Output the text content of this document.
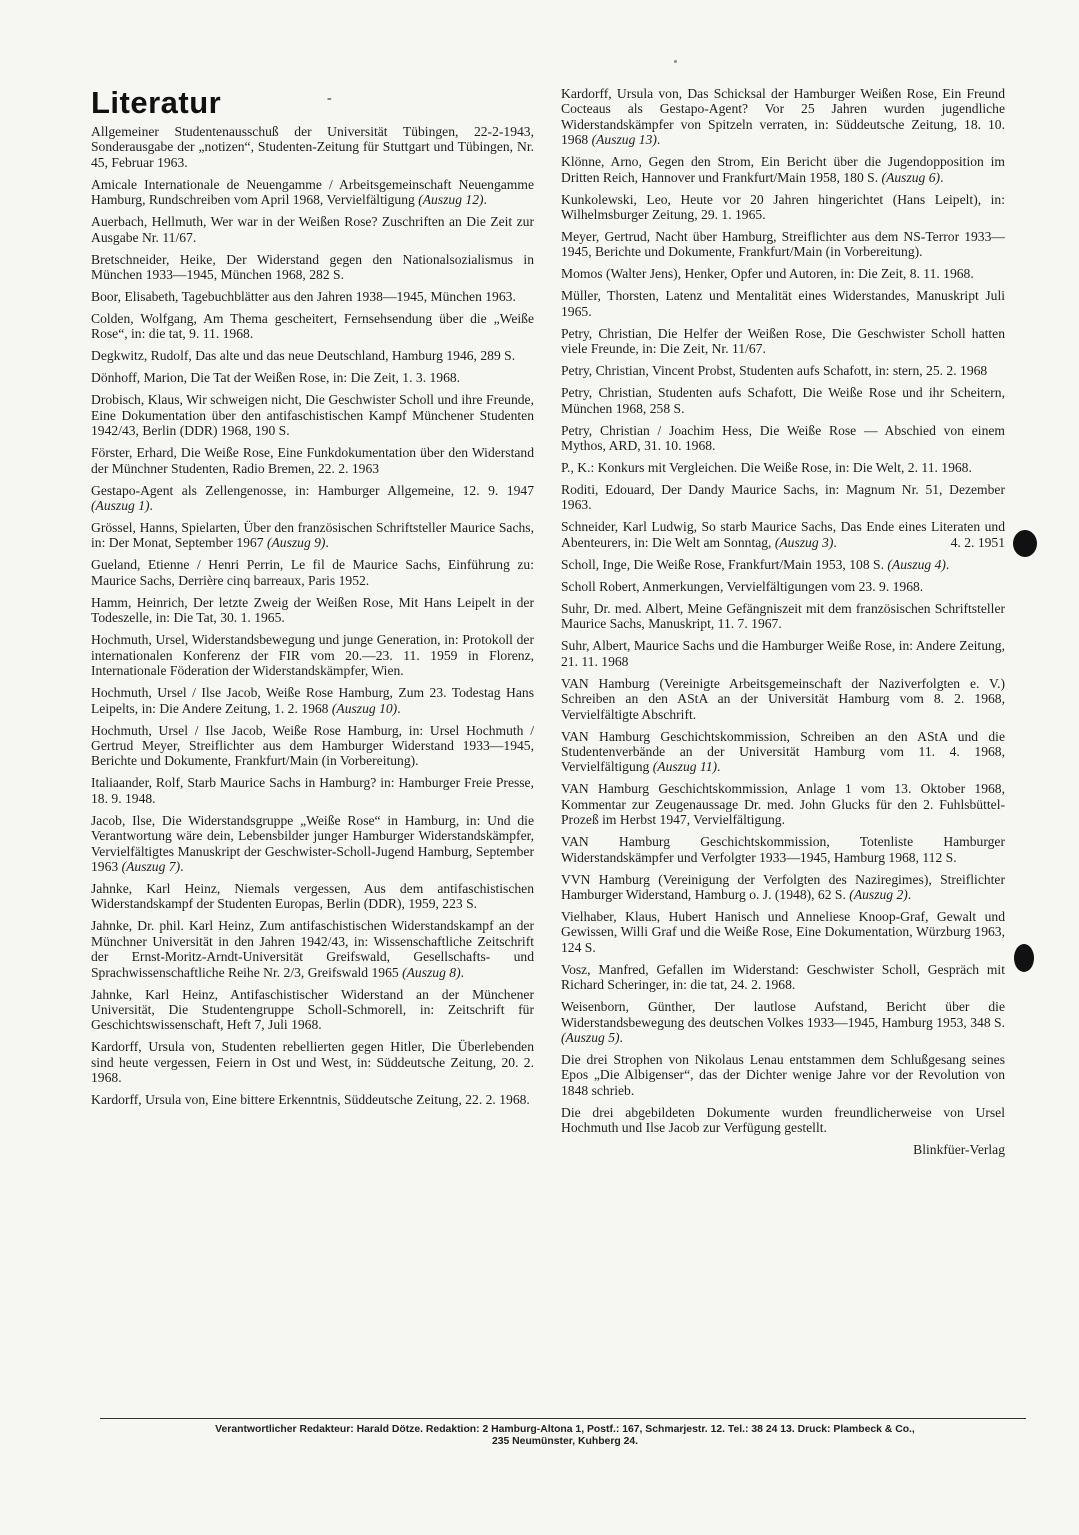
-
Literatur

Allgemeiner Studentenausschuß der Universität Tübingen, 22-2-1943, Sonderausgabe der „notizen“, Studenten-Zeitung für Stuttgart und Tübingen, Nr. 45, Februar 1963.

Amicale Internationale de Neuengamme / Arbeitsgemeinschaft Neuengamme Hamburg, Rundschreiben vom April 1968, Vervielfältigung (Auszug 12).

Auerbach, Hellmuth, Wer war in der Weißen Rose? Zuschriften an Die Zeit zur Ausgabe Nr. 11/67.

Bretschneider, Heike, Der Widerstand gegen den Nationalsozialismus in München 1933—1945, München 1968, 282 S.

Boor, Elisabeth, Tagebuchblätter aus den Jahren 1938—1945, München 1963.

Colden, Wolfgang, Am Thema gescheitert, Fernsehsendung über die „Weiße Rose“, in: die tat, 9. 11. 1968.

Degkwitz, Rudolf, Das alte und das neue Deutschland, Hamburg 1946, 289 S.

Dönhoff, Marion, Die Tat der Weißen Rose, in: Die Zeit, 1. 3. 1968.

Drobisch, Klaus, Wir schweigen nicht, Die Geschwister Scholl und ihre Freunde, Eine Dokumentation über den antifaschistischen Kampf Münchener Studenten 1942/43, Berlin (DDR) 1968, 190 S.

Förster, Erhard, Die Weiße Rose, Eine Funkdokumentation über den Widerstand der Münchner Studenten, Radio Bremen, 22. 2. 1963

Gestapo-Agent als Zellengenosse, in: Hamburger Allgemeine, 12. 9. 1947 (Auszug 1).

Grössel, Hanns, Spielarten, Über den französischen Schriftsteller Maurice Sachs, in: Der Monat, September 1967 (Auszug 9).

Gueland, Etienne / Henri Perrin, Le fil de Maurice Sachs, Einführung zu: Maurice Sachs, Derrière cinq barreaux, Paris 1952.

Hamm, Heinrich, Der letzte Zweig der Weißen Rose, Mit Hans Leipelt in der Todeszelle, in: Die Tat, 30. 1. 1965.

Hochmuth, Ursel, Widerstandsbewegung und junge Generation, in: Protokoll der internationalen Konferenz der FIR vom 20.—23. 11. 1959 in Florenz, Internationale Föderation der Widerstandskämpfer, Wien.

Hochmuth, Ursel / Ilse Jacob, Weiße Rose Hamburg, Zum 23. Todestag Hans Leipelts, in: Die Andere Zeitung, 1. 2. 1968 (Auszug 10).

Hochmuth, Ursel / Ilse Jacob, Weiße Rose Hamburg, in: Ursel Hochmuth / Gertrud Meyer, Streiflichter aus dem Hamburger Widerstand 1933—1945, Berichte und Dokumente, Frankfurt/Main (in Vorbereitung).

Italiaander, Rolf, Starb Maurice Sachs in Hamburg? in: Hamburger Freie Presse, 18. 9. 1948.

Jacob, Ilse, Die Widerstandsgruppe „Weiße Rose“ in Hamburg, in: Und die Verantwortung wäre dein, Lebensbilder junger Hamburger Widerstandskämpfer, Vervielfältigtes Manuskript der Geschwister-Scholl-Jugend Hamburg, September 1963 (Auszug 7).

Jahnke, Karl Heinz, Niemals vergessen, Aus dem antifaschistischen Widerstandskampf der Studenten Europas, Berlin (DDR), 1959, 223 S.

Jahnke, Dr. phil. Karl Heinz, Zum antifaschistischen Widerstandskampf an der Münchner Universität in den Jahren 1942/43, in: Wissenschaftliche Zeitschrift der Ernst-Moritz-Arndt-Universität Greifswald, Gesellschafts- und Sprachwissenschaftliche Reihe Nr. 2/3, Greifswald 1965 (Auszug 8).

Jahnke, Karl Heinz, Antifaschistischer Widerstand an der Münchener Universität, Die Studentengruppe Scholl-Schmorell, in: Zeitschrift für Geschichtswissenschaft, Heft 7, Juli 1968.

Kardorff, Ursula von, Studenten rebellierten gegen Hitler, Die Überlebenden sind heute vergessen, Feiern in Ost und West, in: Süddeutsche Zeitung, 20. 2. 1968.

Kardorff, Ursula von, Eine bittere Erkenntnis, Süddeutsche Zeitung, 22. 2. 1968.

Kardorff, Ursula von, Das Schicksal der Hamburger Weißen Rose, Ein Freund Cocteaus als Gestapo-Agent? Vor 25 Jahren wurden jugendliche Widerstandskämpfer von Spitzeln verraten, in: Süddeutsche Zeitung, 18. 10. 1968 (Auszug 13).

Klönne, Arno, Gegen den Strom, Ein Bericht über die Jugendopposition im Dritten Reich, Hannover und Frankfurt/Main 1958, 180 S. (Auszug 6).

Kunkolewski, Leo, Heute vor 20 Jahren hingerichtet (Hans Leipelt), in: Wilhelmsburger Zeitung, 29. 1. 1965.

Meyer, Gertrud, Nacht über Hamburg, Streiflichter aus dem NS-Terror 1933—1945, Berichte und Dokumente, Frankfurt/Main (in Vorbereitung).

Momos (Walter Jens), Henker, Opfer und Autoren, in: Die Zeit, 8. 11. 1968.

Müller, Thorsten, Latenz und Mentalität eines Widerstandes, Manuskript Juli 1965.

Petry, Christian, Die Helfer der Weißen Rose, Die Geschwister Scholl hatten viele Freunde, in: Die Zeit, Nr. 11/67.

Petry, Christian, Vincent Probst, Studenten aufs Schafott, in: stern, 25. 2. 1968

Petry, Christian, Studenten aufs Schafott, Die Weiße Rose und ihr Scheitern, München 1968, 258 S.

Petry, Christian / Joachim Hess, Die Weiße Rose — Abschied von einem Mythos, ARD, 31. 10. 1968.

P., K.: Konkurs mit Vergleichen. Die Weiße Rose, in: Die Welt, 2. 11. 1968.

Roditi, Edouard, Der Dandy Maurice Sachs, in: Magnum Nr. 51, Dezember 1963.

Schneider, Karl Ludwig, So starb Maurice Sachs, Das Ende eines Literaten und Abenteurers, in: Die Welt am Sonntag, (Auszug 3).	4. 2. 1951

Scholl, Inge, Die Weiße Rose, Frankfurt/Main 1953, 108 S. (Auszug 4).

Scholl Robert, Anmerkungen, Vervielfältigungen vom 23. 9. 1968.

Suhr, Dr. med. Albert, Meine Gefängniszeit mit dem französischen Schriftsteller Maurice Sachs, Manuskript, 11. 7. 1967.

Suhr, Albert, Maurice Sachs und die Hamburger Weiße Rose, in: Andere Zeitung, 21. 11. 1968

VAN Hamburg (Vereinigte Arbeitsgemeinschaft der Naziverfolgten e. V.) Schreiben an den AStA an der Universität Hamburg vom 8. 2. 1968, Vervielfältigte Abschrift.

VAN Hamburg Geschichtskommission, Schreiben an den AStA und die Studentenverbände an der Universität Hamburg vom 11. 4. 1968, Vervielfältigung (Auszug 11).

VAN Hamburg Geschichtskommission, Anlage 1 vom 13. Oktober 1968, Kommentar zur Zeugenaussage Dr. med. John Glucks für den 2. Fuhlsbüttel-Prozeß im Herbst 1947, Vervielfältigung.

VAN Hamburg Geschichtskommission, Totenliste Hamburger Widerstandskämpfer und Verfolgter 1933—1945, Hamburg 1968, 112 S.

VVN Hamburg (Vereinigung der Verfolgten des Naziregimes), Streiflichter Hamburger Widerstand, Hamburg o. J. (1948), 62 S. (Auszug 2).

Vielhaber, Klaus, Hubert Hanisch und Anneliese Knoop-Graf, Gewalt und Gewissen, Willi Graf und die Weiße Rose, Eine Dokumentation, Würzburg 1963, 124 S.

Vosz, Manfred, Gefallen im Widerstand: Geschwister Scholl, Gespräch mit Richard Scheringer, in: die tat, 24. 2. 1968.

Weisenborn, Günther, Der lautlose Aufstand, Bericht über die Widerstandsbewegung des deutschen Volkes 1933—1945, Hamburg 1953, 348 S. (Auszug 5).

Die drei Strophen von Nikolaus Lenau entstammen dem Schlußgesang seines Epos „Die Albigenser“, das der Dichter wenige Jahre vor der Revolution von 1848 schrieb.

Die drei abgebildeten Dokumente wurden freundlicherweise von Ursel Hochmuth und Ilse Jacob zur Verfügung gestellt.

Blinkfüer-Verlag
Verantwortlicher Redakteur: Harald Dötze. Redaktion: 2 Hamburg-Altona 1, Postf.: 167, Schmarjestr. 12. Tel.: 38 24 13. Druck: Plambeck & Co.,
235 Neumünster, Kuhberg 24.
